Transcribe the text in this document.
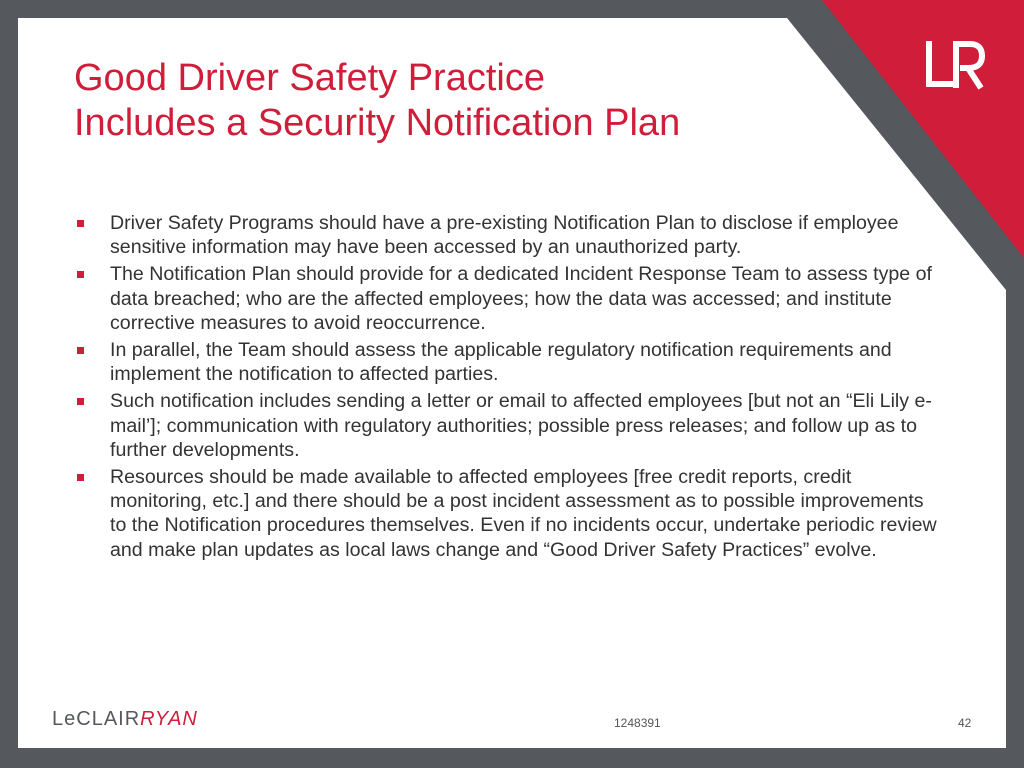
Good Driver Safety Practice
Includes a Security Notification Plan
Driver Safety Programs should have a pre-existing Notification Plan to disclose if employee sensitive information may have been accessed by an unauthorized party.
The Notification Plan should provide for a dedicated Incident Response Team to assess type of data breached; who are the affected employees; how the data was accessed; and institute corrective measures to avoid reoccurrence.
In parallel, the Team should assess the applicable regulatory notification requirements and implement the notification to affected parties.
Such notification includes sending a letter or email to affected employees [but not an “Eli Lily e-mail’]; communication with regulatory authorities; possible press releases; and follow up as to further developments.
Resources should be made available to affected employees [free credit reports, credit monitoring, etc.] and there should be a post incident assessment as to possible improvements to the Notification procedures themselves. Even if no incidents occur, undertake periodic review and make plan updates as local laws change and “Good Driver Safety Practices” evolve.
LeCLAIRRYAN	1248391	42
